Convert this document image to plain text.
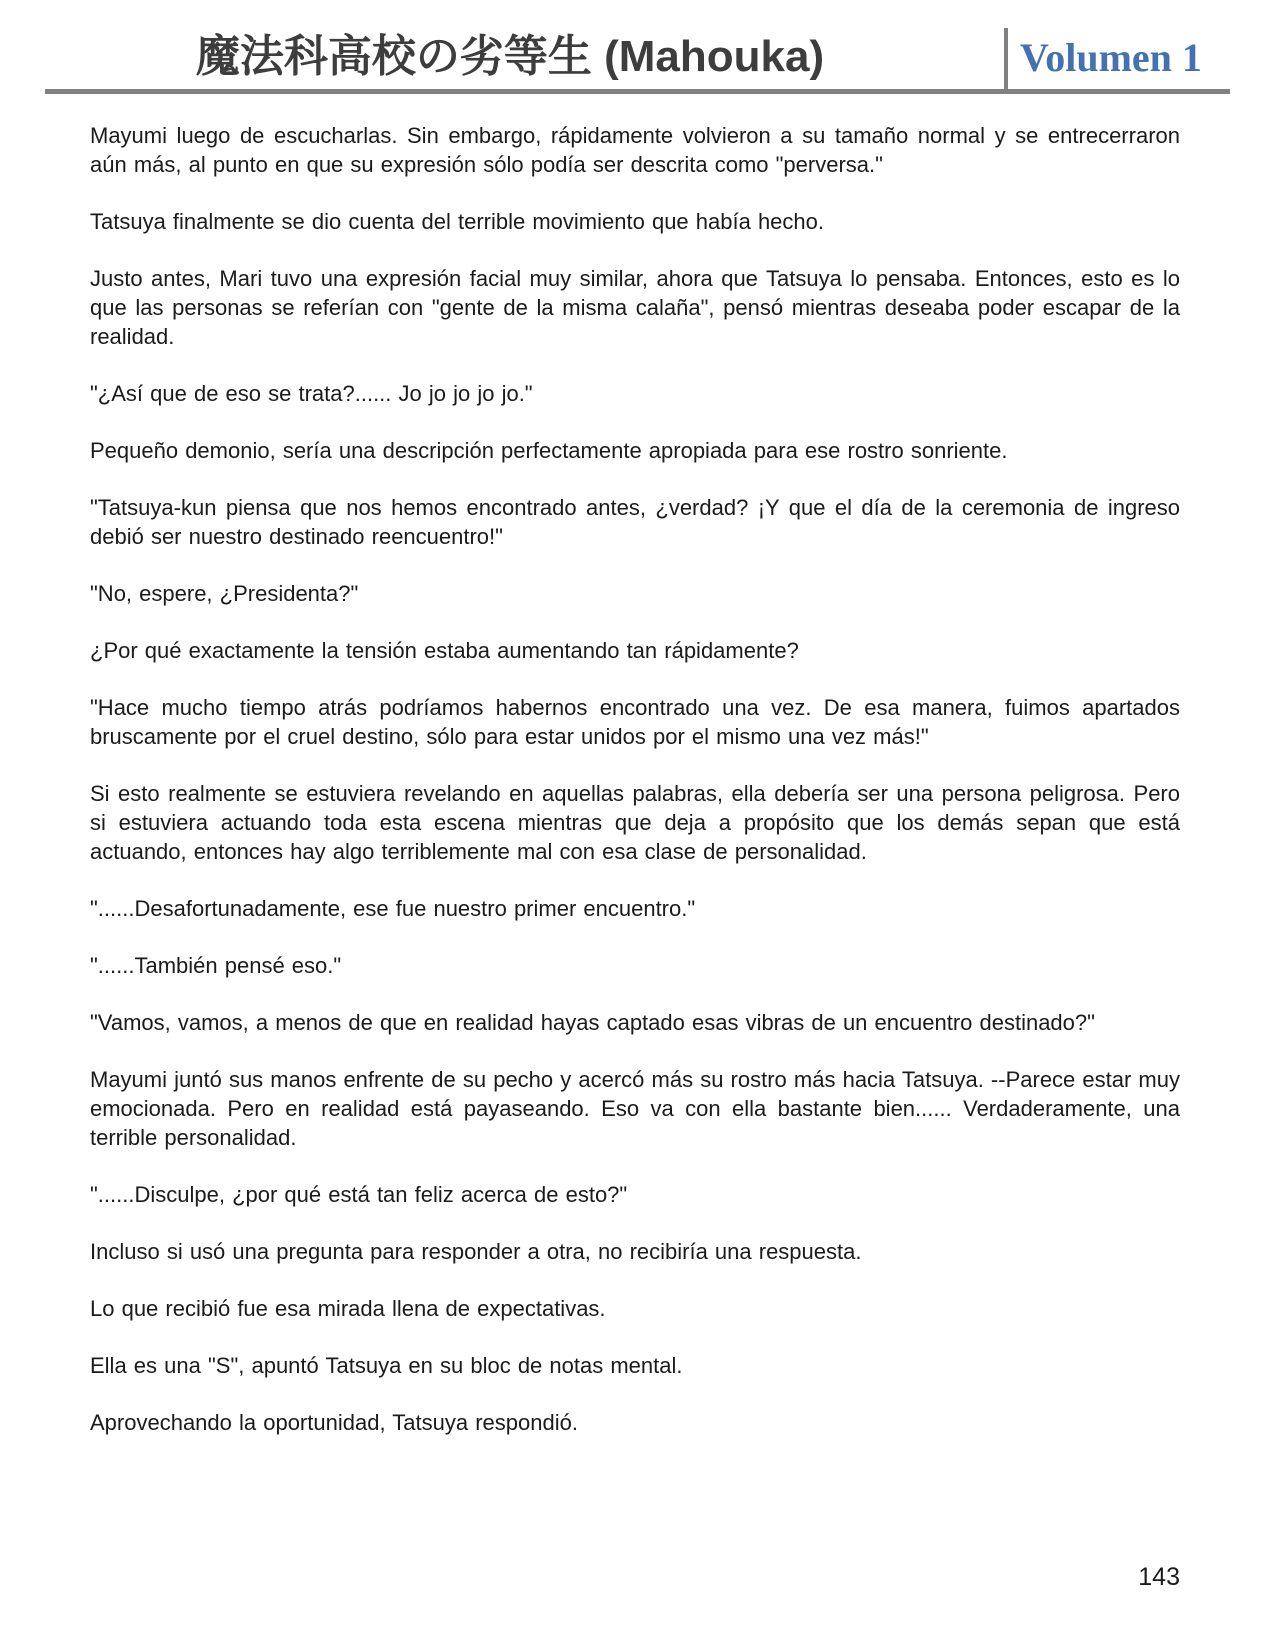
魔法科高校の劣等生 (Mahouka)	Volumen 1

Mayumi luego de escucharlas. Sin embargo, rápidamente volvieron a su tamaño normal y se entrecerraron aún más, al punto en que su expresión sólo podía ser descrita como "perversa."

Tatsuya finalmente se dio cuenta del terrible movimiento que había hecho.

Justo antes, Mari tuvo una expresión facial muy similar, ahora que Tatsuya lo pensaba. Entonces, esto es lo que las personas se referían con "gente de la misma calaña", pensó mientras deseaba poder escapar de la realidad.

"¿Así que de eso se trata?...... Jo jo jo jo jo."

Pequeño demonio, sería una descripción perfectamente apropiada para ese rostro sonriente.

"Tatsuya-kun piensa que nos hemos encontrado antes, ¿verdad? ¡Y que el día de la ceremonia de ingreso debió ser nuestro destinado reencuentro!"

"No, espere, ¿Presidenta?"

¿Por qué exactamente la tensión estaba aumentando tan rápidamente?

"Hace mucho tiempo atrás podríamos habernos encontrado una vez. De esa manera, fuimos apartados bruscamente por el cruel destino, sólo para estar unidos por el mismo una vez más!"

Si esto realmente se estuviera revelando en aquellas palabras, ella debería ser una persona peligrosa. Pero si estuviera actuando toda esta escena mientras que deja a propósito que los demás sepan que está actuando, entonces hay algo terriblemente mal con esa clase de personalidad.

"......Desafortunadamente, ese fue nuestro primer encuentro."

"......También pensé eso."

"Vamos, vamos, a menos de que en realidad hayas captado esas vibras de un encuentro destinado?"

Mayumi juntó sus manos enfrente de su pecho y acercó más su rostro más hacia Tatsuya. --Parece estar muy emocionada. Pero en realidad está payaseando. Eso va con ella bastante bien...... Verdaderamente, una terrible personalidad.

"......Disculpe, ¿por qué está tan feliz acerca de esto?"

Incluso si usó una pregunta para responder a otra, no recibiría una respuesta.

Lo que recibió fue esa mirada llena de expectativas.

Ella es una "S", apuntó Tatsuya en su bloc de notas mental.

Aprovechando la oportunidad, Tatsuya respondió.

143
